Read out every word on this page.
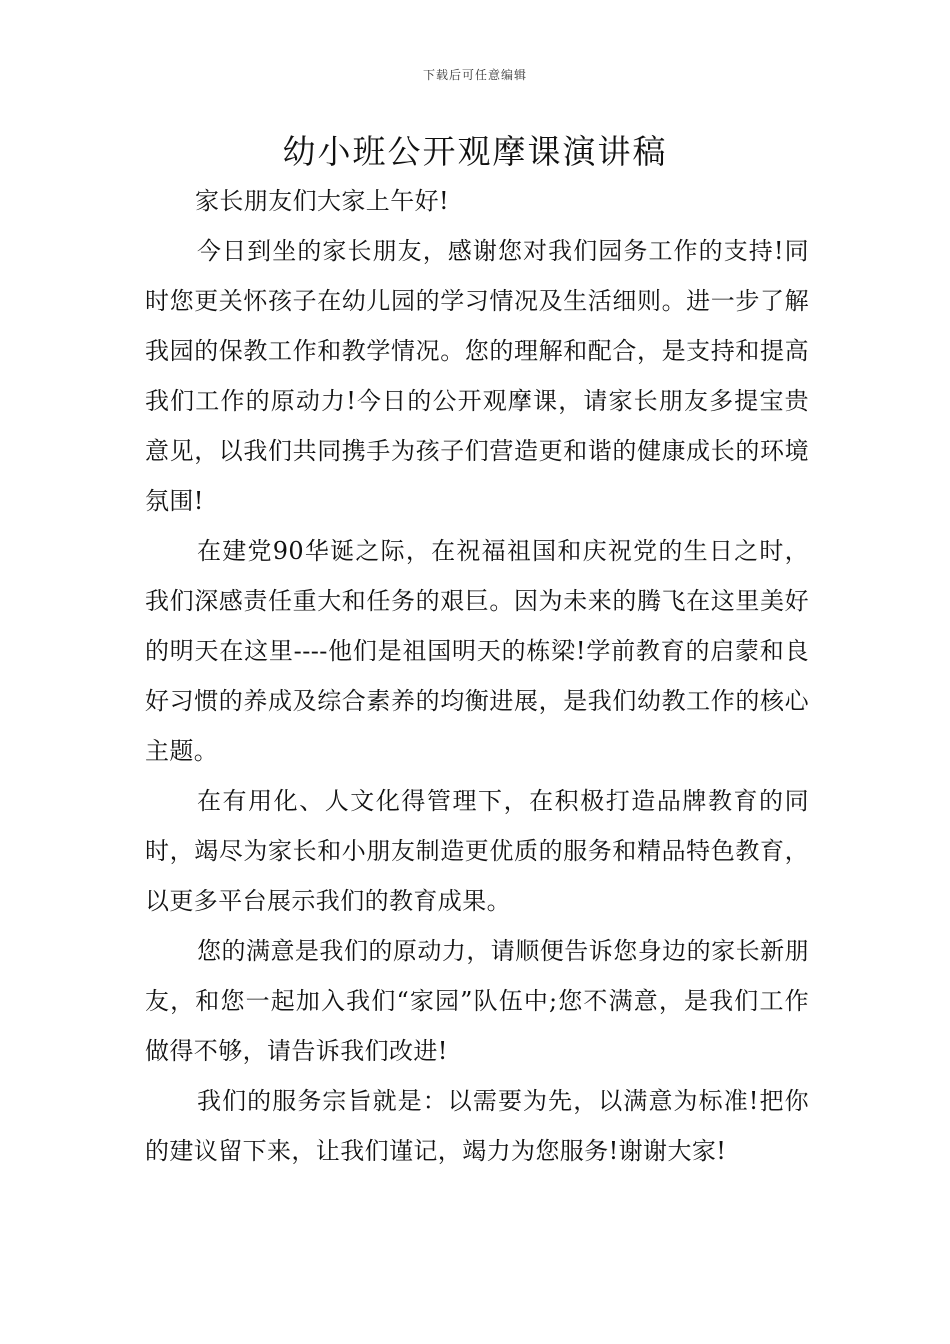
下载后可任意编辑
幼小班公开观摩课演讲稿

家长朋友们大家上午好!

今日到坐的家长朋友，感谢您对我们园务工作的支持!同时您更关怀孩子在幼儿园的学习情况及生活细则。进一步了解我园的保教工作和教学情况。您的理解和配合，是支持和提高我们工作的原动力!今日的公开观摩课，请家长朋友多提宝贵意见，以我们共同携手为孩子们营造更和谐的健康成长的环境氛围!

在建党90华诞之际，在祝福祖国和庆祝党的生日之时，我们深感责任重大和任务的艰巨。因为未来的腾飞在这里美好的明天在这里----他们是祖国明天的栋梁!学前教育的启蒙和良好习惯的养成及综合素养的均衡进展，是我们幼教工作的核心主题。

在有用化、人文化得管理下，在积极打造品牌教育的同时，竭尽为家长和小朋友制造更优质的服务和精品特色教育，以更多平台展示我们的教育成果。

您的满意是我们的原动力，请顺便告诉您身边的家长新朋友，和您一起加入我们“家园”队伍中;您不满意，是我们工作做得不够，请告诉我们改进!

我们的服务宗旨就是：以需要为先，以满意为标准!把你的建议留下来，让我们谨记，竭力为您服务!谢谢大家!
